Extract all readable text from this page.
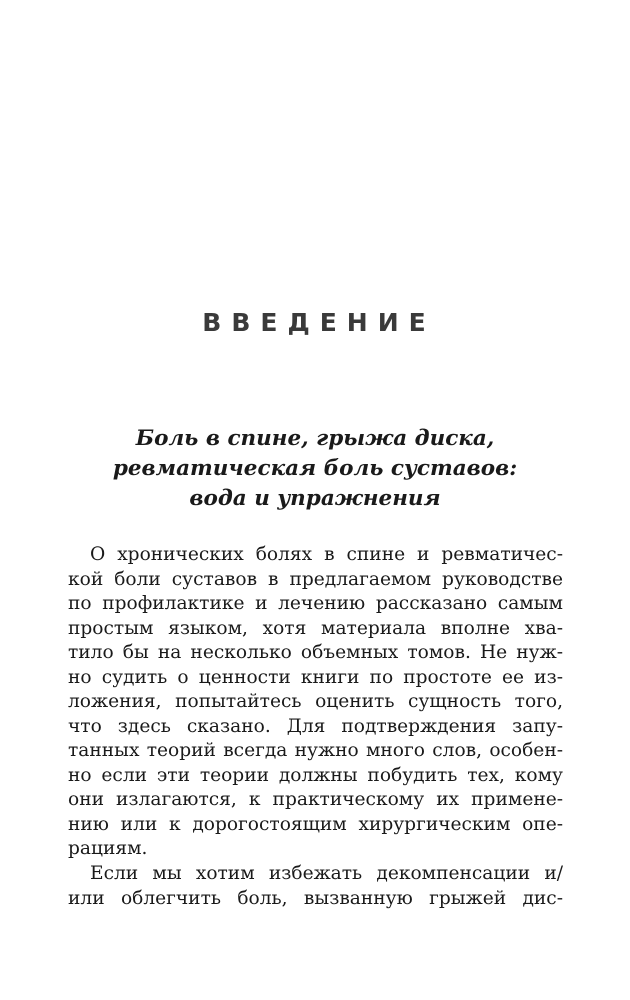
ВВЕДЕНИЕ
Боль в спине, грыжа диска,
ревматическая боль суставов:
вода и упражнения
О хронических болях в спине и ревматичес-
кой боли суставов в предлагаемом руководстве
по профилактике и лечению рассказано самым
простым языком, хотя материала вполне хва-
тило бы на несколько объемных томов. Не нуж-
но судить о ценности книги по простоте ее из-
ложения, попытайтесь оценить сущность того,
что здесь сказано. Для подтверждения запу-
танных теорий всегда нужно много слов, особен-
но если эти теории должны побудить тех, кому
они излагаются, к практическому их примене-
нию или к дорогостоящим хирургическим опе-
рациям.
Если мы хотим избежать декомпенсации и/
или облегчить боль, вызванную грыжей дис-
